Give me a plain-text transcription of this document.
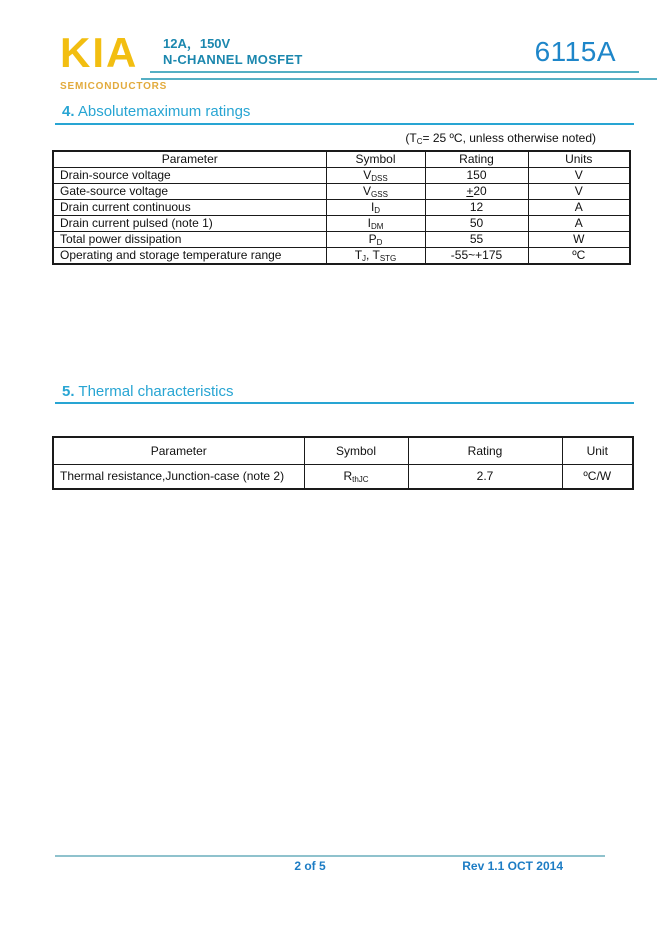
KIA
SEMICONDUCTORS
12A，150V
N-CHANNEL MOSFET	6115A
4. Absolutemaximum ratings
($T_C= 25$ ºC, unless otherwise noted)
Parameter	Symbol	Rating	Units
Drain-source voltage	$V_{DSS}$	150	V
Gate-source voltage	$V_{GSS}$	+20	V
Drain current continuous	$I_D$	12	A
Drain current pulsed (note 1)	$I_{DM}$	50	A
Total power dissipation	$P_D$	55	W
Operating and storage temperature range	$T_J$, $T_{STG}$	-55~+175	ºC
5. Thermal characteristics
Parameter	Symbol	Rating	Unit
Thermal resistance,Junction-case (note 2)	$R_{thJC}$	2.7	ºC/W
2 of 5	Rev 1.1 OCT 2014
